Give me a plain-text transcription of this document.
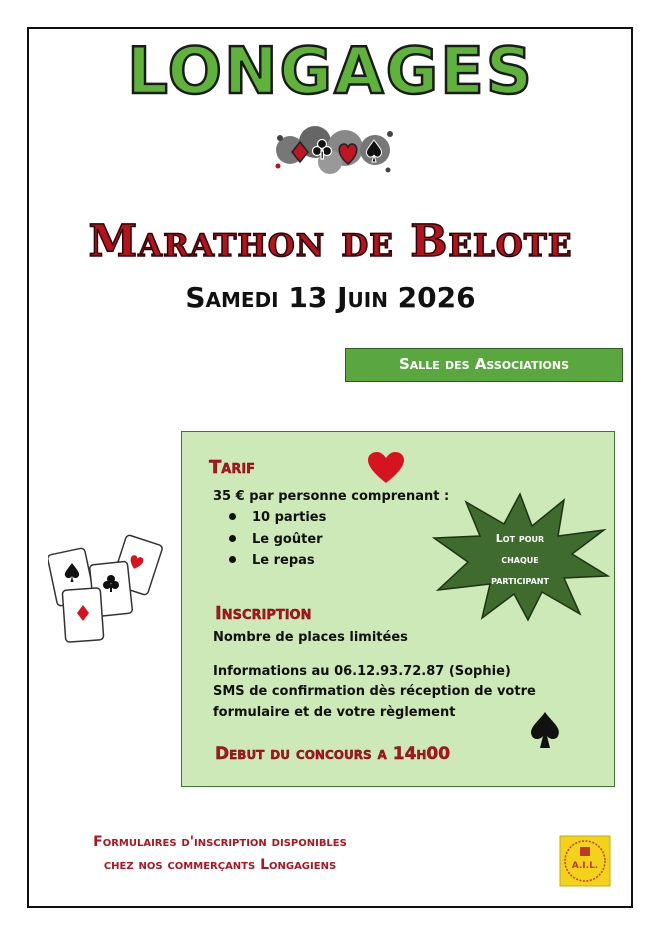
LONGAGES
Marathon de Belote
Samedi 13 Juin 2026
Salle des Associations
Tarif
35 € par personne comprenant :
10 parties
Le goûter
Le repas
Lot pour
chaque
participant
Inscription
Nombre de places limitées
Informations au 06.12.93.72.87 (Sophie)
SMS de confirmation dès réception de votre
formulaire et de votre règlement
Debut du concours a 14h00
Formulaires d'inscription disponibles
chez nos commerçants Longagiens	A.I.L.
